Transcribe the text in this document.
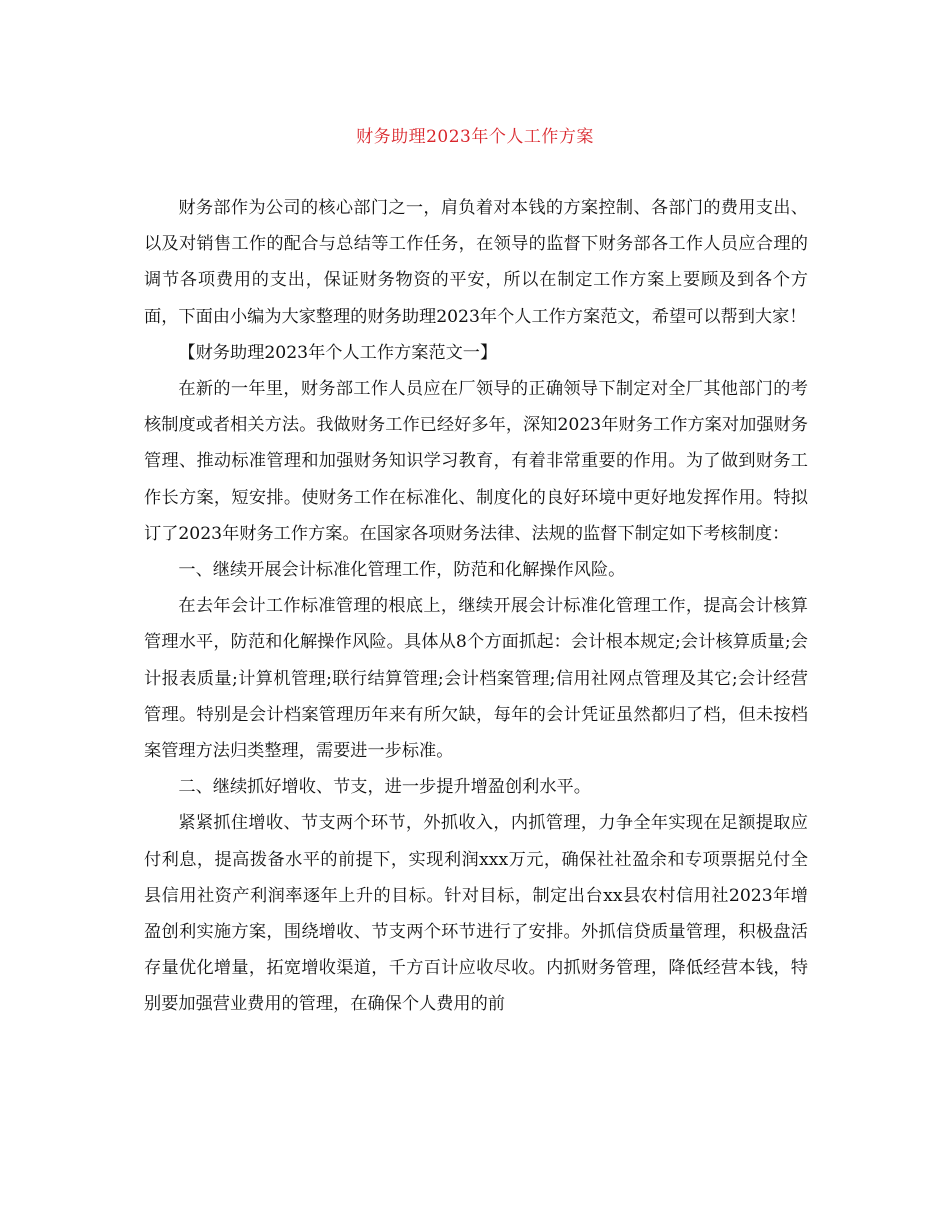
财务助理2023年个人工作方案

财务部作为公司的核心部门之一，肩负着对本钱的方案控制、各部门的费用支出、以及对销售工作的配合与总结等工作任务，在领导的监督下财务部各工作人员应合理的调节各项费用的支出，保证财务物资的平安，所以在制定工作方案上要顾及到各个方面，下面由小编为大家整理的财务助理2023年个人工作方案范文，希望可以帮到大家！

【财务助理2023年个人工作方案范文一】

在新的一年里，财务部工作人员应在厂领导的正确领导下制定对全厂其他部门的考核制度或者相关方法。我做财务工作已经好多年，深知2023年财务工作方案对加强财务管理、推动标准管理和加强财务知识学习教育，有着非常重要的作用。为了做到财务工作长方案，短安排。使财务工作在标准化、制度化的良好环境中更好地发挥作用。特拟订了2023年财务工作方案。在国家各项财务法律、法规的监督下制定如下考核制度：

一、继续开展会计标准化管理工作，防范和化解操作风险。

在去年会计工作标准管理的根底上，继续开展会计标准化管理工作，提高会计核算管理水平，防范和化解操作风险。具体从8个方面抓起：会计根本规定;会计核算质量;会计报表质量;计算机管理;联行结算管理;会计档案管理;信用社网点管理及其它;会计经营管理。特别是会计档案管理历年来有所欠缺，每年的会计凭证虽然都归了档，但未按档案管理方法归类整理，需要进一步标准。

二、继续抓好增收、节支，进一步提升增盈创利水平。

紧紧抓住增收、节支两个环节，外抓收入，内抓管理，力争全年实现在足额提取应付利息，提高拨备水平的前提下，实现利润xxx万元，确保社社盈余和专项票据兑付全县信用社资产利润率逐年上升的目标。针对目标，制定出台xx县农村信用社2023年增盈创利实施方案，围绕增收、节支两个环节进行了安排。外抓信贷质量管理，积极盘活存量优化增量，拓宽增收渠道，千方百计应收尽收。内抓财务管理，降低经营本钱，特别要加强营业费用的管理，在确保个人费用的前
